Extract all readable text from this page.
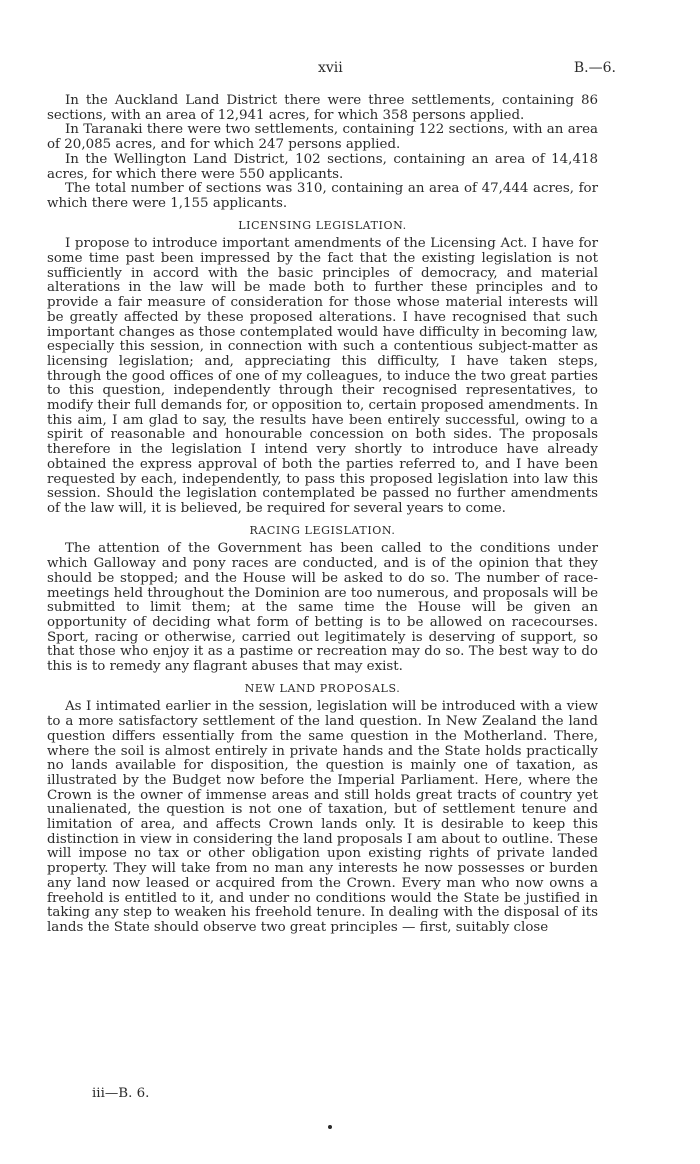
xvii	B.—6.

In the Auckland Land District there were three settlements, containing 86 sections, with an area of 12,941 acres, for which 358 persons applied.

In Taranaki there were two settlements, containing 122 sections, with an area of 20,085 acres, and for which 247 persons applied.

In the Wellington Land District, 102 sections, containing an area of 14,418 acres, for which there were 550 applicants.

The total number of sections was 310, containing an area of 47,444 acres, for which there were 1,155 applicants.

LICENSING LEGISLATION.

I propose to introduce important amendments of the Licensing Act. I have for some time past been impressed by the fact that the existing legislation is not sufficiently in accord with the basic principles of democracy, and material alterations in the law will be made both to further these principles and to provide a fair measure of consideration for those whose material interests will be greatly affected by these proposed alterations. I have recognised that such important changes as those contemplated would have difficulty in becoming law, especially this session, in connection with such a contentious subject-matter as licensing legislation; and, appreciating this difficulty, I have taken steps, through the good offices of one of my colleagues, to induce the two great parties to this question, independently through their recognised representatives, to modify their full demands for, or opposition to, certain proposed amendments. In this aim, I am glad to say, the results have been entirely successful, owing to a spirit of reasonable and honourable concession on both sides. The proposals therefore in the legislation I intend very shortly to introduce have already obtained the express approval of both the parties referred to, and I have been requested by each, independently, to pass this proposed legislation into law this session. Should the legislation contemplated be passed no further amendments of the law will, it is believed, be required for several years to come.

RACING LEGISLATION.

The attention of the Government has been called to the conditions under which Galloway and pony races are conducted, and is of the opinion that they should be stopped; and the House will be asked to do so. The number of race-meetings held throughout the Dominion are too numerous, and proposals will be submitted to limit them; at the same time the House will be given an opportunity of deciding what form of betting is to be allowed on racecourses. Sport, racing or otherwise, carried out legitimately is deserving of support, so that those who enjoy it as a pastime or recreation may do so. The best way to do this is to remedy any flagrant abuses that may exist.

NEW LAND PROPOSALS.

As I intimated earlier in the session, legislation will be introduced with a view to a more satisfactory settlement of the land question. In New Zealand the land question differs essentially from the same question in the Motherland. There, where the soil is almost entirely in private hands and the State holds practically no lands available for disposition, the question is mainly one of taxation, as illustrated by the Budget now before the Imperial Parliament. Here, where the Crown is the owner of immense areas and still holds great tracts of country yet unalienated, the question is not one of taxation, but of settlement tenure and limitation of area, and affects Crown lands only. It is desirable to keep this distinction in view in considering the land proposals I am about to outline. These will impose no tax or other obligation upon existing rights of private landed property. They will take from no man any interests he now possesses or burden any land now leased or acquired from the Crown. Every man who now owns a freehold is entitled to it, and under no conditions would the State be justified in taking any step to weaken his freehold tenure. In dealing with the disposal of its lands the State should observe two great principles — first, suitably close

iii—B. 6.
